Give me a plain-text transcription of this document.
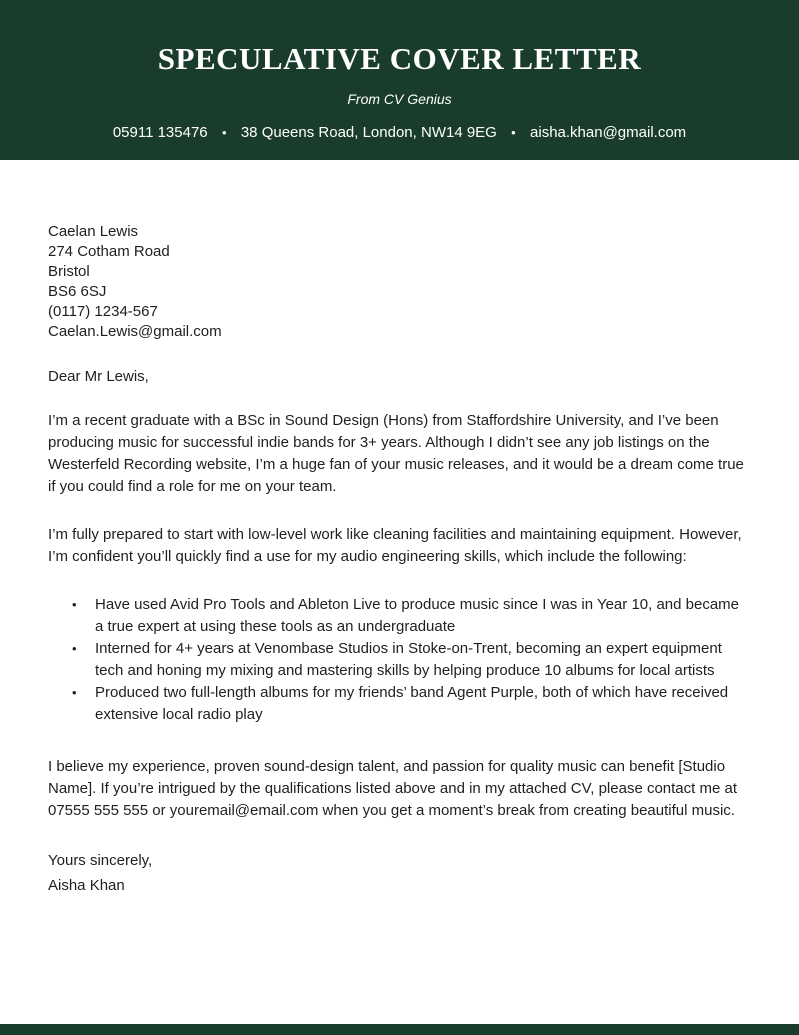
SPECULATIVE COVER LETTER
From CV Genius
05911 135476 ● 38 Queens Road, London, NW14 9EG ● aisha.khan@gmail.com
Caelan Lewis
274 Cotham Road
Bristol
BS6 6SJ
(0117) 1234-567
Caelan.Lewis@gmail.com
Dear Mr Lewis,

I’m a recent graduate with a BSc in Sound Design (Hons) from Staffordshire University, and I’ve been producing music for successful indie bands for 3+ years. Although I didn’t see any job listings on the Westerfeld Recording website, I’m a huge fan of your music releases, and it would be a dream come true if you could find a role for me on your team.

I’m fully prepared to start with low-level work like cleaning facilities and maintaining equipment. However, I’m confident you’ll quickly find a use for my audio engineering skills, which include the following:

•	Have used Avid Pro Tools and Ableton Live to produce music since I was in Year 10, and became a true expert at using these tools as an undergraduate
•	Interned for 4+ years at Venombase Studios in Stoke-on-Trent, becoming an expert equipment tech and honing my mixing and mastering skills by helping produce 10 albums for local artists
•	Produced two full-length albums for my friends’ band Agent Purple, both of which have received extensive local radio play

I believe my experience, proven sound-design talent, and passion for quality music can benefit [Studio Name]. If you’re intrigued by the qualifications listed above and in my attached CV, please contact me at 07555 555 555 or youremail@email.com when you get a moment’s break from creating beautiful music.

Yours sincerely,
Aisha Khan
